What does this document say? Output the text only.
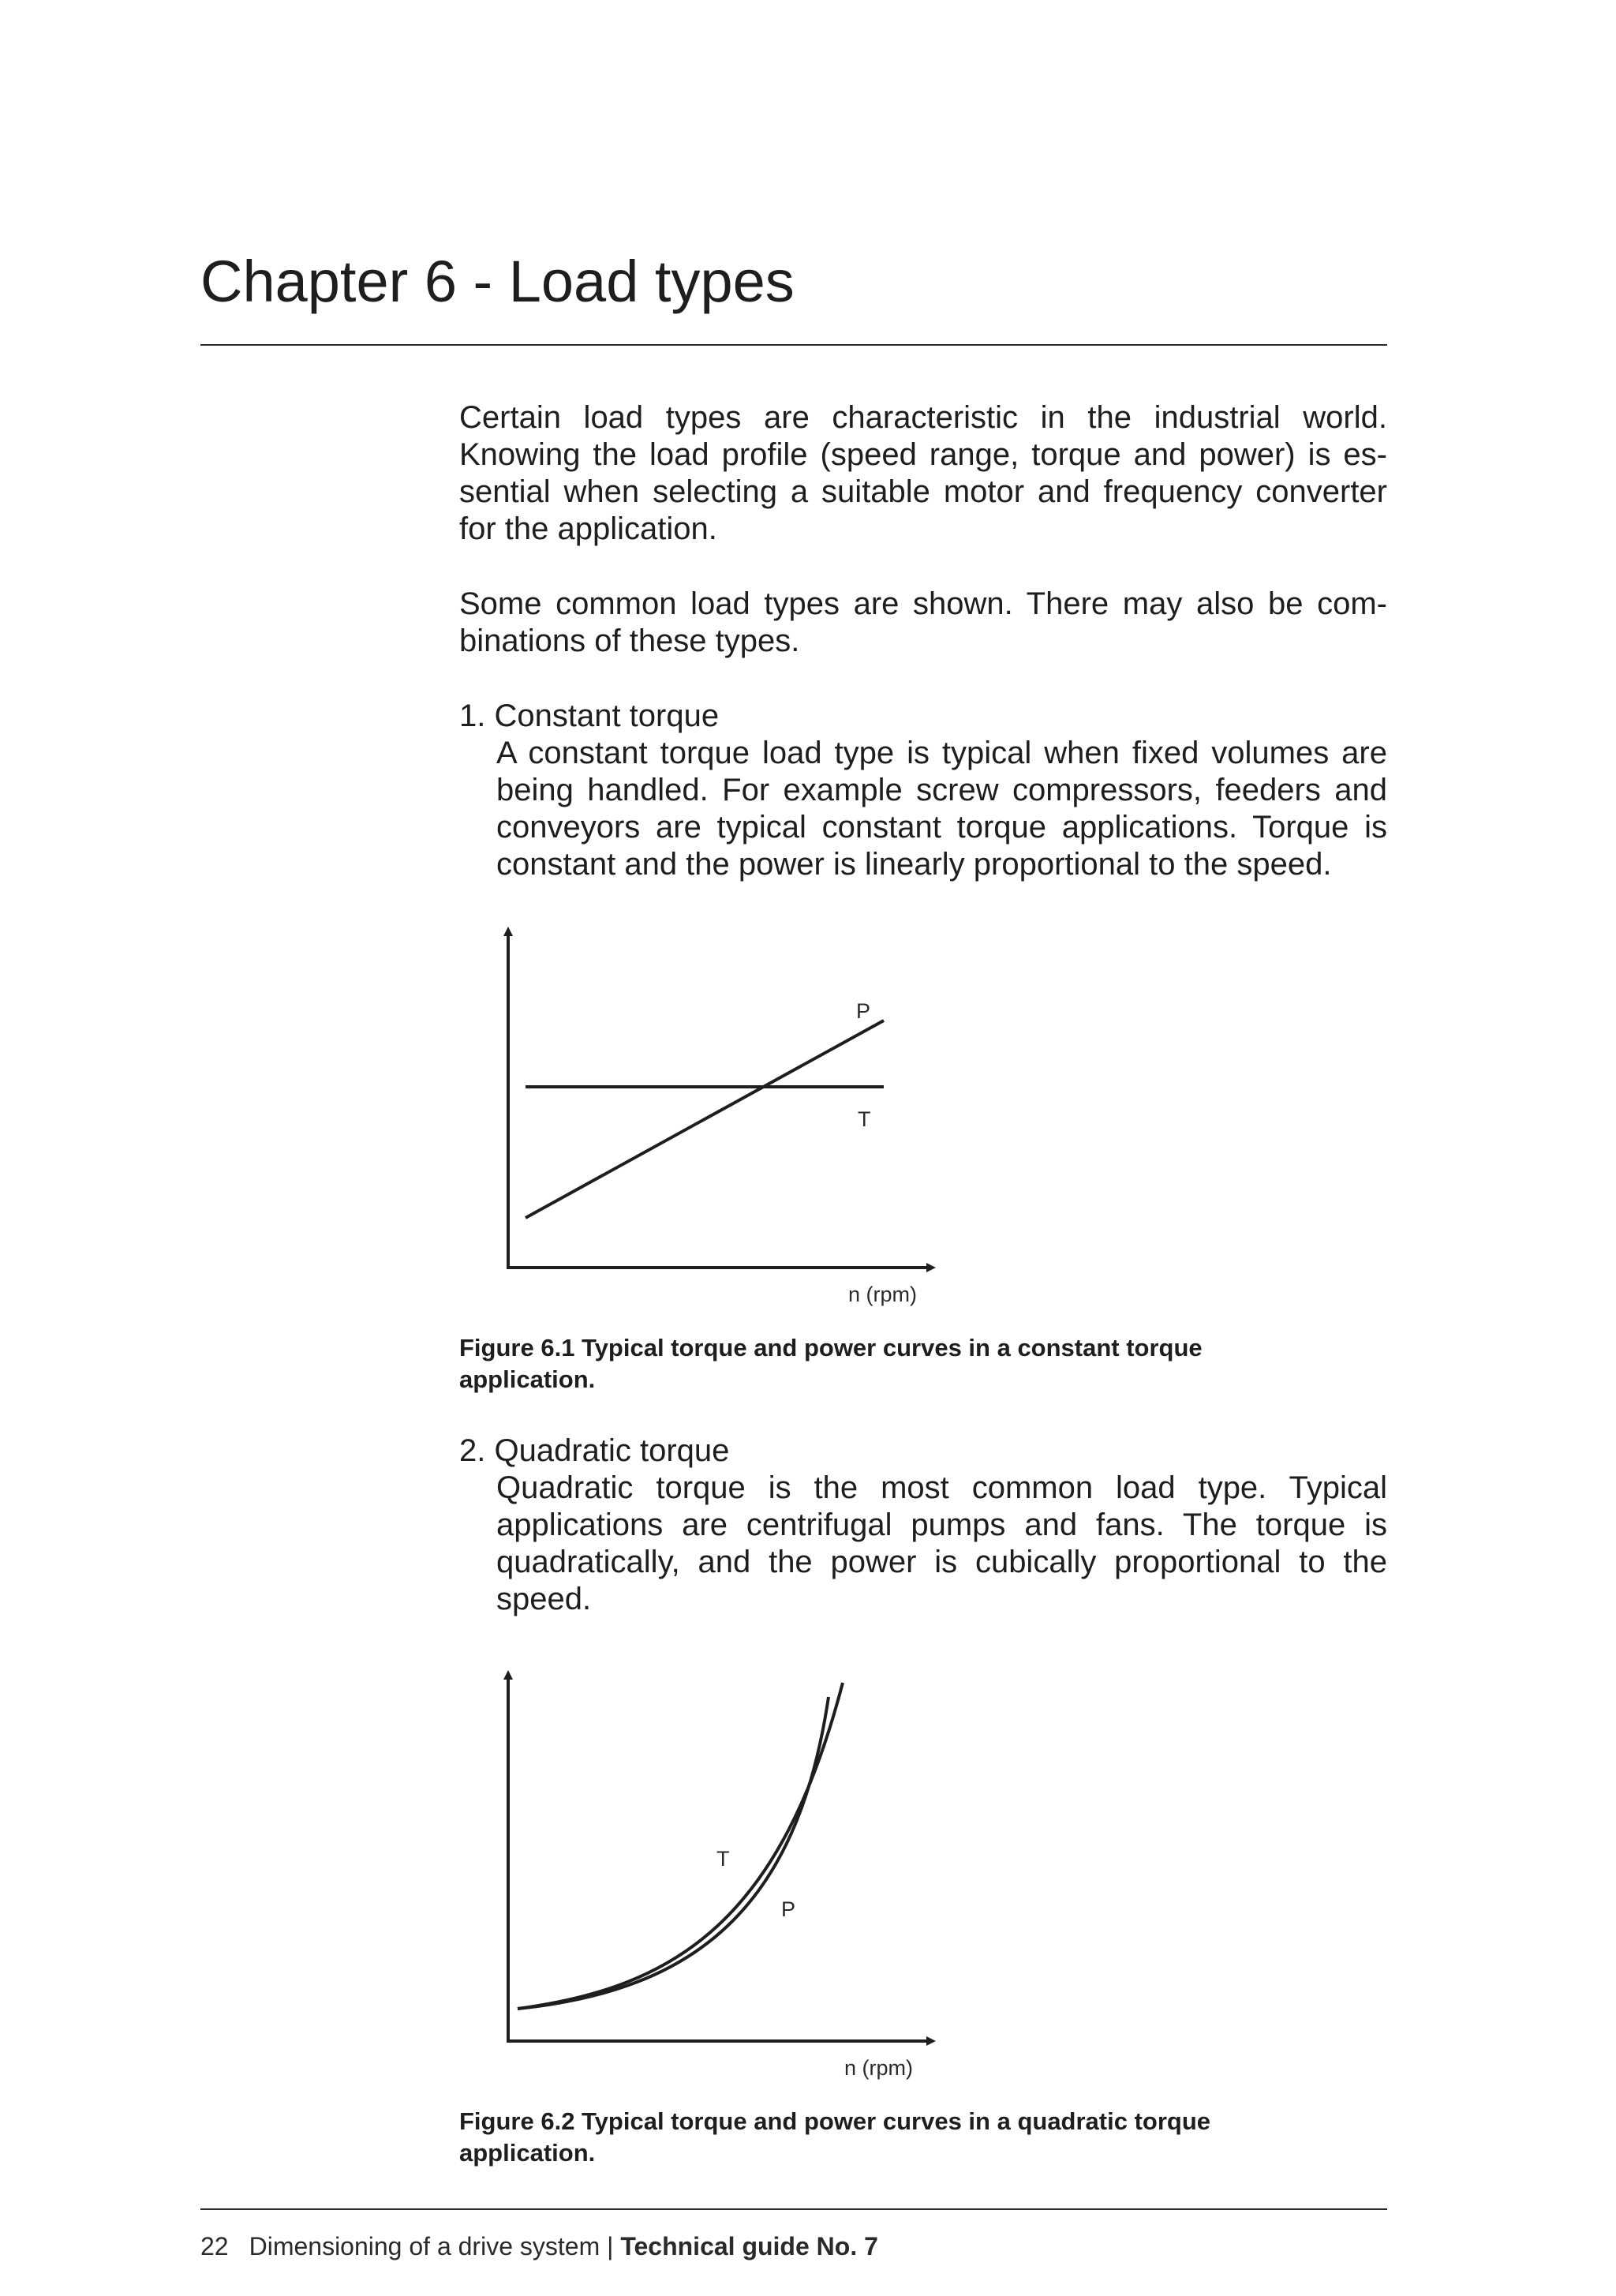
Chapter 6 - Load types

Certain load types are characteristic in the industrial world. Knowing the load profile (speed range, torque and power) is es-sential when selecting a suitable motor and frequency converter for the application.

Some common load types are shown. There may also be com-binations of these types.

1. Constant torque

A constant torque load type is typical when fixed volumes are being handled. For example screw compressors, feeders and conveyors are typical constant torque applications. Torque is constant and the power is linearly proportional to the speed.

P
T
n (rpm)

Figure 6.1 Typical torque and power curves in a constant torque application.

2. Quadratic torque

Quadratic torque is the most common load type. Typical applications are centrifugal pumps and fans. The torque is quadratically, and the power is cubically proportional to the speed.

T
P
n (rpm)

Figure 6.2 Typical torque and power curves in a quadratic torque application.

22 Dimensioning of a drive system | Technical guide No. 7
